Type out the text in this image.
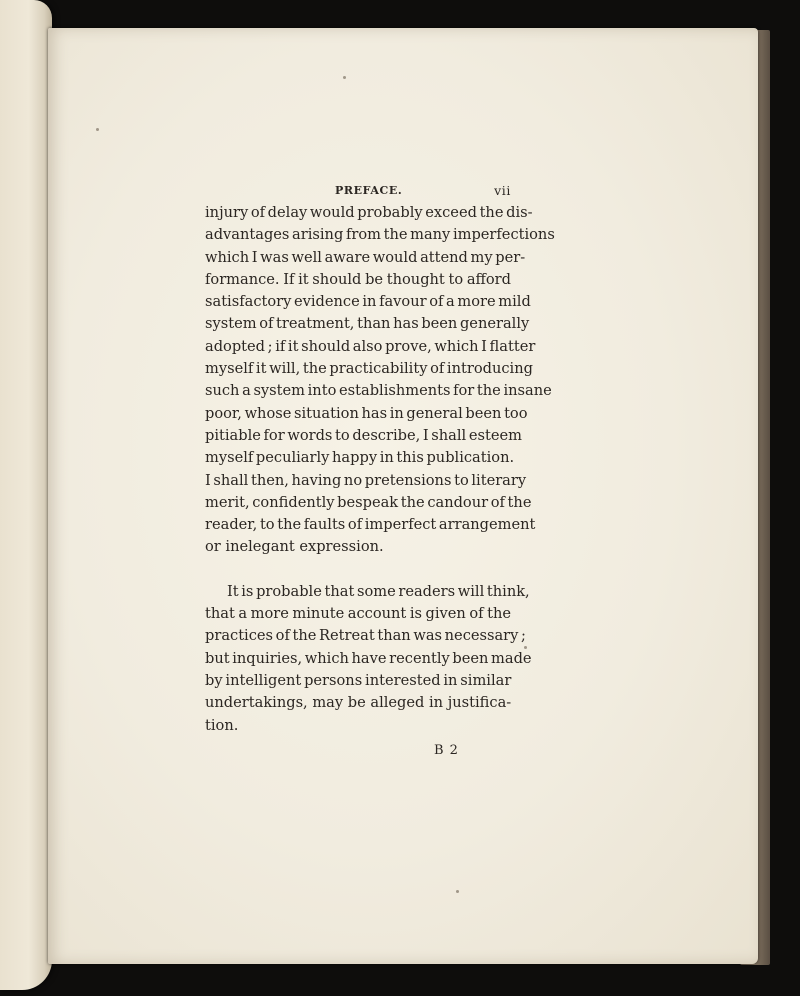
PREFACE.	vii

injury of delay would probably exceed the dis-
advantages arising from the many imperfections
which I was well aware would attend my per-
formance. If it should be thought to afford
satisfactory evidence in favour of a more mild
system of treatment, than has been generally
adopted ; if it should also prove, which I flatter
myself it will, the practicability of introducing
such a system into establishments for the insane
poor, whose situation has in general been too
pitiable for words to describe, I shall esteem
myself peculiarly happy in this publication.
I shall then, having no pretensions to literary
merit, confidently bespeak the candour of the
reader, to the faults of imperfect arrangement
or inelegant expression.

It is probable that some readers will think,
that a more minute account is given of the
practices of the Retreat than was necessary ;
but inquiries, which have recently been made
by intelligent persons interested in similar
undertakings, may be alleged in justifica-
tion.

B 2
